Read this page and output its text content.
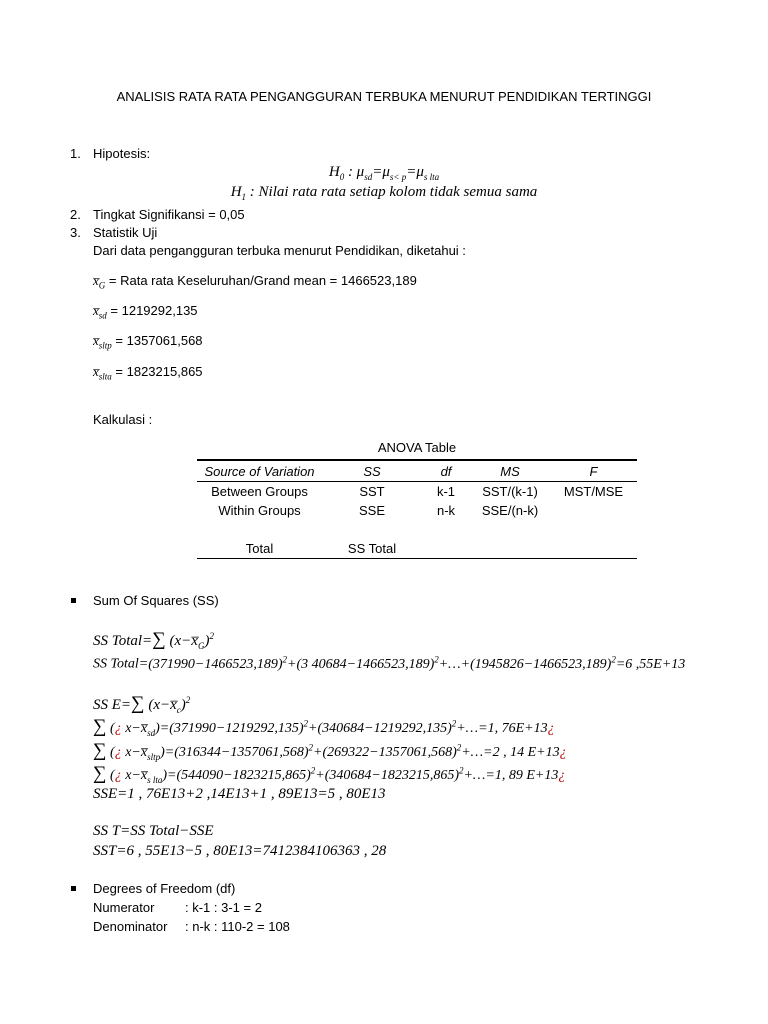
ANALISIS RATA RATA PENGANGGURAN TERBUKA MENURUT PENDIDIKAN TERTINGGI
1. Hipotesis:
$H_0$ : $\mu_{sd}=\mu_{s< p}=\mu_{s lta}$
$H_1$ : Nilai rata rata setiap kolom tidak semua sama
2. Tingkat Signifikansi = 0,05
3. Statistik Uji
Dari data pengangguran terbuka menurut Pendidikan, diketahui :
$x̅_G$ = Rata rata Keseluruhan/Grand mean = 1466523,189
$x̅_{sd} = 1219292,135$
$x̅_{sltp} = 1357061,568$
$x̅_{slta} = 1823215,865$
Kalkulasi :
ANOVA Table
Source of Variation	SS	df	MS	F
Between Groups	SST	k-1	SST/(k-1)	MST/MSE
Within Groups	SSE	n-k	SSE/(n-k)	

Total	SS Total			
Sum Of Squares (SS)
SS Total=∑ $(x-x̅_G)^2$
SS $Total=(371990-1466523,189)^2+(3$ $40684-1466523,189)^2+\dots+(1945826-1466523,189)^2=6$ ,55E+13
SS E=∑ $(x-x̅_c)^2$
∑ (¿ $x-x̅_{sd})=(371990-1219292,135)^2+(340684-1219292,135)^2+\dots=1$, 76E+13¿
∑ (¿ $x-x̅_{sltp})=(316344-1357061,568)^2+(269322-1357061,568)^2+\dots=2$ , 14 E+13¿
∑ (¿ $x-x̅_{s lta})=(544090-1823215,865)^2+(340684-1823215,865)^2+\dots=1$, 89 E+13¿
SSE=1 , 76E13+2 ,14E13+1 , 89E13=5 , 80E13
SS T=SS Total−SSE
SST=6 , 55E13−5 , 80E13=7412384106363 , 28
Degrees of Freedom (df)
Numerator : k-1 : 3-1 = 2
Denominator : n-k : 110-2 = 108
